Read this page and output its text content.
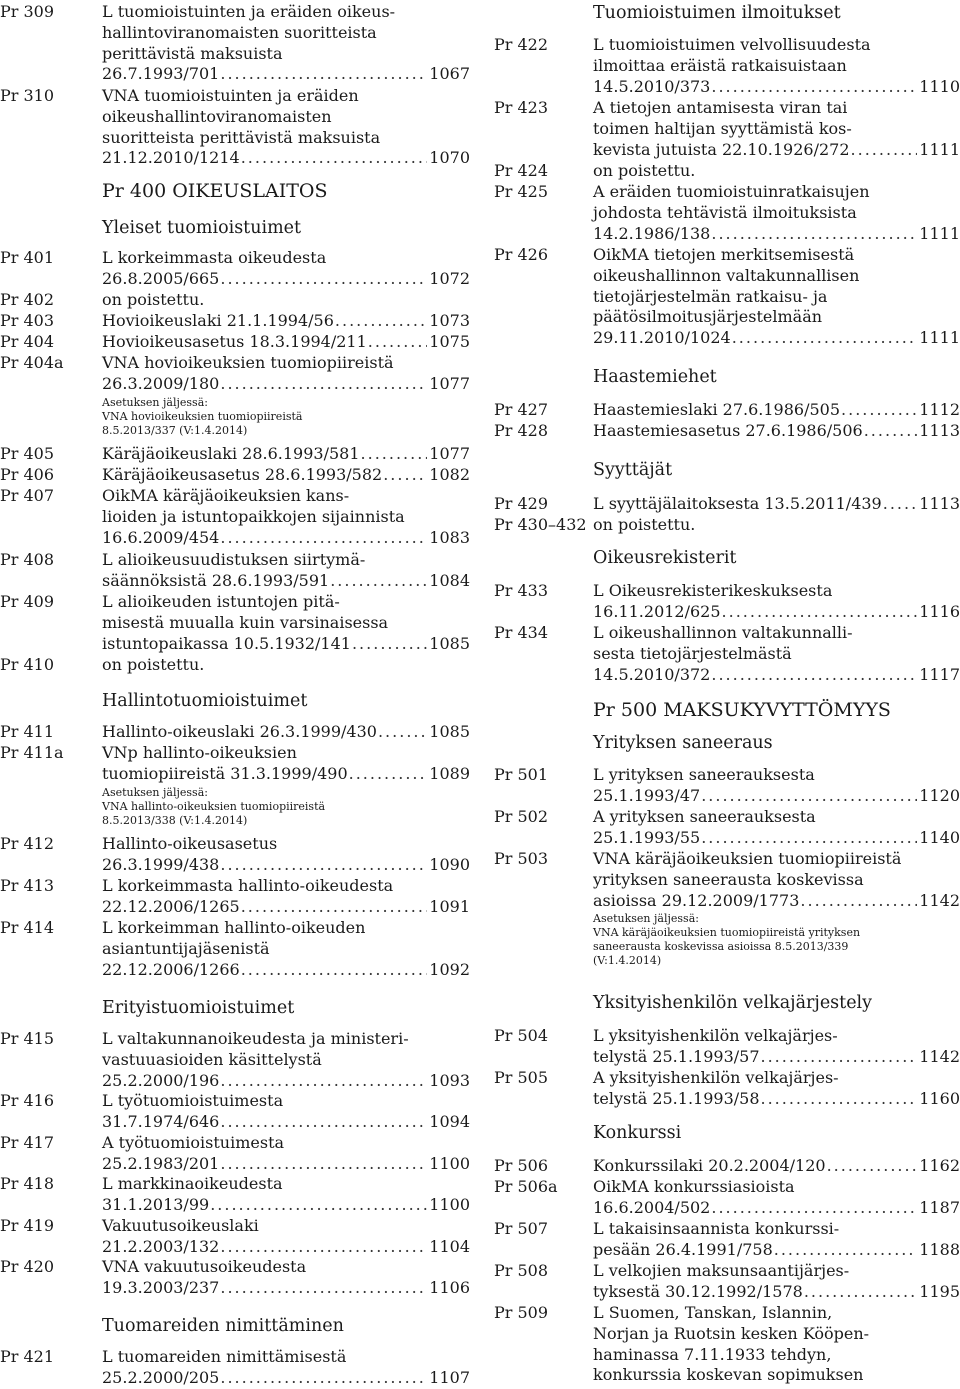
Pr 309	L tuomioistuinten ja eräiden oikeus-
hallintoviranomaisten suoritteista
perittävistä maksuista
26.7.1993/701 .....	1067
Pr 310	VNA tuomioistuinten ja eräiden
oikeushallintoviranomaisten
suoritteista perittävistä maksuista
21.12.2010/1214 .....	1070
Pr 400 OIKEUSLAITOS
Yleiset tuomioistuimet
Pr 401	L korkeimmasta oikeudesta
26.8.2005/665 .....	1072
Pr 402	on poistettu.
Pr 403	Hovioikeuslaki 21.1.1994/56 .....	1073
Pr 404	Hovioikeusasetus 18.3.1994/211 .....	1075
Pr 404a VNA hovioikeuksien tuomiopiireistä
26.3.2009/180 .....	1077
Asetuksen jäljessä:
VNA hovioikeuksien tuomiopiireistä
8.5.2013/337 (V:1.4.2014)
Pr 405	Käräjäoikeuslaki 28.6.1993/581 .....	1077
Pr 406	Käräjäoikeusasetus 28.6.1993/582 .....	1082
Pr 407	OikMA käräjäoikeuksien kans-
lioiden ja istuntopaikkojen sijainnista
16.6.2009/454 .....	1083
Pr 408	L alioikeusuudistuksen siirtymä-
säännöksistä 28.6.1993/591 .....	1084
Pr 409	L alioikeuden istuntojen pitä-
misestä muualla kuin varsinaisessa
istuntopaikassa 10.5.1932/141 .....	1085
Pr 410	on poistettu.
Hallintotuomioistuimet
Pr 411	Hallinto-oikeuslaki 26.3.1999/430 .....	1085
Pr 411a VNp hallinto-oikeuksien
tuomiopiireistä 31.3.1999/490 .....	1089
Asetuksen jäljessä:
VNA hallinto-oikeuksien tuomiopiireistä
8.5.2013/338 (V:1.4.2014)
Pr 412	Hallinto-oikeusasetus
26.3.1999/438 .....	1090
Pr 413	L korkeimmasta hallinto-oikeudesta
22.12.2006/1265 .....	1091
Pr 414	L korkeimman hallinto-oikeuden
asiantuntijajäsenistä
22.12.2006/1266 .....	1092
Erityistuomioistuimet
Pr 415	L valtakunnanoikeudesta ja ministeri-
vastuuasioiden käsittelystä
25.2.2000/196 .....	1093
Pr 416	L työtuomioistuimesta
31.7.1974/646 .....	1094
Pr 417	A työtuomioistuimesta
25.2.1983/201 .....	1100
Pr 418	L markkinaoikeudesta
31.1.2013/99 .....	1100
Pr 419	Vakuutusoikeuslaki
21.2.2003/132 .....	1104
Pr 420	VNA vakuutusoikeudesta
19.3.2003/237 .....	1106
Tuomareiden nimittäminen
Pr 421	L tuomareiden nimittämisestä
25.2.2000/205 .....	1107
Tuomioistuimen ilmoitukset
Pr 422	L tuomioistuimen velvollisuudesta
ilmoittaa eräistä ratkaisuistaan
14.5.2010/373 .....	1110
Pr 423	A tietojen antamisesta viran tai
toimen haltijan syyttämistä kos-
kevista jutuista 22.10.1926/272 .....	1111
Pr 424	on poistettu.
Pr 425	A eräiden tuomioistuinratkaisujen
johdosta tehtävistä ilmoituksista
14.2.1986/138 .....	1111
Pr 426	OikMA tietojen merkitsemisestä
oikeushallinnon valtakunnallisen
tietojärjestelmän ratkaisu- ja
päätösilmoitusjärjestelmään
29.11.2010/1024 .....	1111
Haastemiehet
Pr 427	Haastemieslaki 27.6.1986/505 .....	1112
Pr 428	Haastemiesasetus 27.6.1986/506 .....	1113
Syyttäjät
Pr 429	L syyttäjälaitoksesta 13.5.2011/439 ..... 1113
Pr 430–432 on poistettu.
Oikeusrekisterit
Pr 433	L Oikeusrekisterikeskuksesta
16.11.2012/625 .....	1116
Pr 434	L oikeushallinnon valtakunnalli-
sesta tietojärjestelmästä
14.5.2010/372 .....	1117
Pr 500 MAKSUKYVYTTÖMYYS
Yrityksen saneeraus
Pr 501	L yrityksen saneerauksesta
25.1.1993/47 .....	1120
Pr 502	A yrityksen saneerauksesta
25.1.1993/55 .....	1140
Pr 503	VNA käräjäoikeuksien tuomiopiireistä
yrityksen saneerausta koskevissa
asioissa 29.12.2009/1773 .....	1142
Asetuksen jäljessä:
VNA käräjäoikeuksien tuomiopiireistä yrityksen
saneerausta koskevissa asioissa 8.5.2013/339
(V:1.4.2014)
Yksityishenkilön velkajärjestely
Pr 504	L yksityishenkilön velkajärjes-
telystä 25.1.1993/57 .....	1142
Pr 505	A yksityishenkilön velkajärjes-
telystä 25.1.1993/58 .....	1160
Konkurssi
Pr 506	Konkurssilaki 20.2.2004/120 .....	1162
Pr 506a OikMA konkurssiasioista
16.6.2004/502 .....	1187
Pr 507	L takaisinsaannista konkurssi-
pesään 26.4.1991/758 .....	1188
Pr 508	L velkojien maksunsaantijärjes-
tyksestä 30.12.1992/1578 .....	1195
Pr 509	L Suomen, Tanskan, Islannin,
Norjan ja Ruotsin kesken Kööpen-
haminassa 7.11.1933 tehdyn,
konkurssia koskevan sopimuksen
